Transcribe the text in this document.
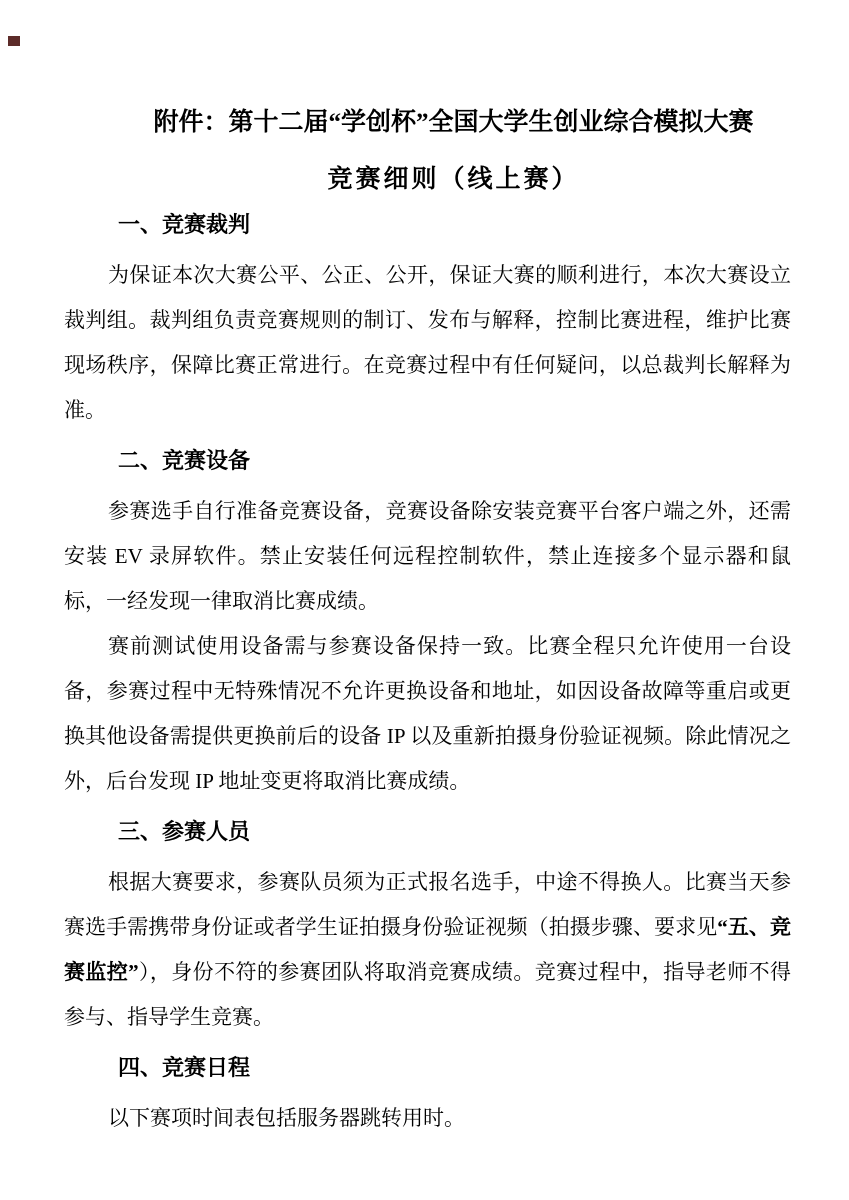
附件：第十二届“学创杯”全国大学生创业综合模拟大赛
竞赛细则（线上赛）
一、竞赛裁判

为保证本次大赛公平、公正、公开，保证大赛的顺利进行，本次大赛设立裁判组。裁判组负责竞赛规则的制订、发布与解释，控制比赛进程，维护比赛现场秩序，保障比赛正常进行。在竞赛过程中有任何疑问，以总裁判长解释为准。

二、竞赛设备

参赛选手自行准备竞赛设备，竞赛设备除安装竞赛平台客户端之外，还需安装 EV 录屏软件。禁止安装任何远程控制软件，禁止连接多个显示器和鼠标，一经发现一律取消比赛成绩。

赛前测试使用设备需与参赛设备保持一致。比赛全程只允许使用一台设备，参赛过程中无特殊情况不允许更换设备和地址，如因设备故障等重启或更换其他设备需提供更换前后的设备 IP 以及重新拍摄身份验证视频。除此情况之外，后台发现 IP 地址变更将取消比赛成绩。

三、参赛人员

根据大赛要求，参赛队员须为正式报名选手，中途不得换人。比赛当天参赛选手需携带身份证或者学生证拍摄身份验证视频（拍摄步骤、要求见“五、竞赛监控”），身份不符的参赛团队将取消竞赛成绩。竞赛过程中，指导老师不得参与、指导学生竞赛。

四、竞赛日程

以下赛项时间表包括服务器跳转用时。
